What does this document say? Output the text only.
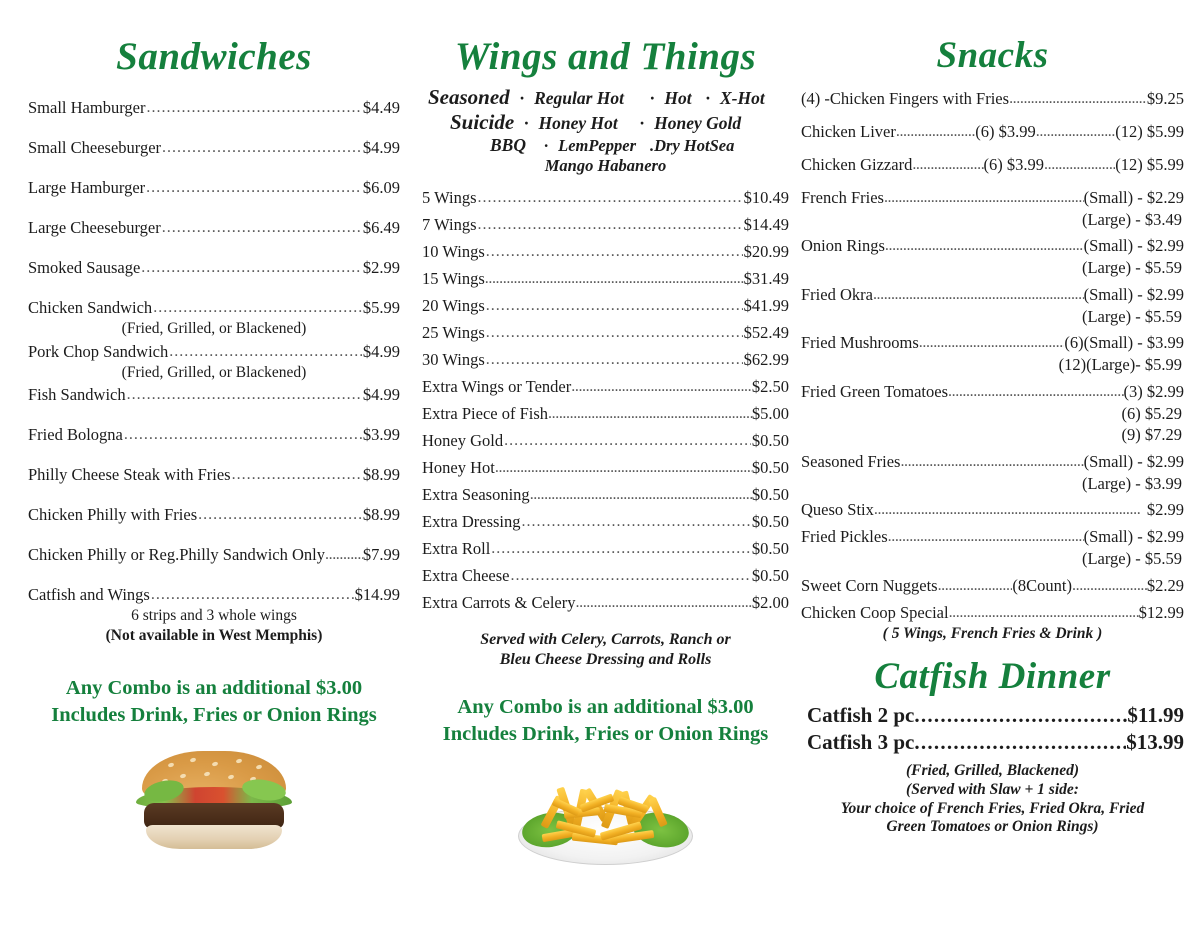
Sandwiches
Small Hamburger . . .	$4.49
Small Cheeseburger . . .	$4.99
Large Hamburger . . .	$6.09
Large Cheeseburger . . .	$6.49
Smoked Sausage . . .	$2.99
Chicken Sandwich . . .	$5.99
(Fried, Grilled, or Blackened)
Pork Chop Sandwich . . .	$4.99
(Fried, Grilled, or Blackened)
Fish Sandwich . . .	$4.99
Fried Bologna . . .	$3.99
Philly Cheese Steak with Fries . . .	$8.99
Chicken Philly with Fries . . .	$8.99
Chicken Philly or Reg.Philly Sandwich Only . . . $7.99
Catfish and Wings . . .	$14.99
6 strips and 3 whole wings
(Not available in West Memphis)
Any Combo is an additional $3.00
Includes Drink, Fries or Onion Rings
Wings and Things
Seasoned · Regular Hot · Hot · X-Hot
Suicide · Honey Hot · Honey Gold
BBQ · LemPepper . Dry HotSea
Mango Habanero
5 Wings . . .	$10.49
7 Wings . . .	$14.49
10 Wings . . .	$20.99
15 Wings . . .	$31.49
20 Wings . . .	$41.99
25 Wings . . .	$52.49
30 Wings . . .	$62.99
Extra Wings or Tender . . .	$2.50
Extra Piece of Fish . . .	$5.00
Honey Gold . . .	$0.50
Honey Hot . . .	$0.50
Extra Seasoning . . .	$0.50
Extra Dressing . . .	$0.50
Extra Roll . . .	$0.50
Extra Cheese . . .	$0.50
Extra Carrots & Celery . . .	$2.00
Served with Celery, Carrots, Ranch or
Bleu Cheese Dressing and Rolls
Any Combo is an additional $3.00
Includes Drink, Fries or Onion Rings
Snacks
(4) -Chicken Fingers with Fries . . .	$9.25
Chicken Liver . . .	(6) $3.99 . . .	(12) $5.99
Chicken Gizzard . . .	(6) $3.99 . . .	(12) $5.99
French Fries . . .	(Small) - $2.29
(Large) - $3.49
Onion Rings . . .	(Small) - $2.99
(Large) - $5.59
Fried Okra . . .	(Small) - $2.99
(Large) - $5.59
Fried Mushrooms . . .	(6)(Small) - $3.99
(12)(Large)- $5.99
Fried Green Tomatoes . . .	(3) $2.99
(6) $5.29
(9) $7.29
Seasoned Fries . . .	(Small) - $2.99
(Large) - $3.99
Queso Stix . . .	$2.99
Fried Pickles . . .	(Small) - $2.99
(Large) - $5.59
Sweet Corn Nuggets . . .	(8Count) . . .	$2.29
Chicken Coop Special . . .	$12.99
( 5 Wings, French Fries & Drink )
Catfish Dinner
Catfish 2 pc . . .	$11.99
Catfish 3 pc . . .	$13.99
(Fried, Grilled, Blackened)
(Served with Slaw + 1 side:
Your choice of French Fries, Fried Okra, Fried
Green Tomatoes or Onion Rings)
